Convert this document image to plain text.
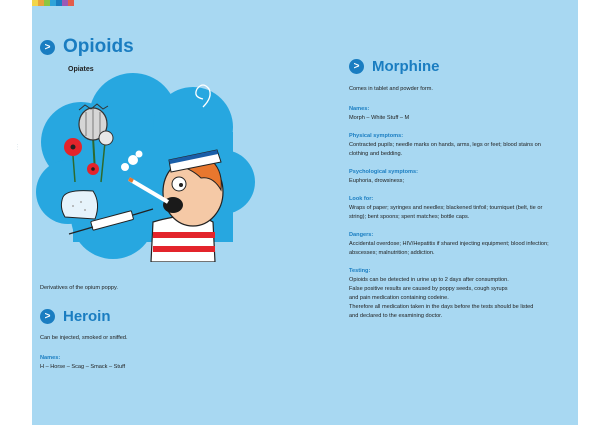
...
> Opioids
Opiates
Derivatives of the opium poppy.
> Heroin
Can be injected, smoked or sniffed.
Names:
H – Horse – Scag – Smack – Stuff
> Morphine
Comes in tablet and powder form.
Names:
Morph – White Stuff – M
Physical symptoms:
Contracted pupils; needle marks on hands, arms, legs or feet; blood stains on
clothing and bedding.
Psychological symptoms:
Euphoria, drowsiness;
Look for:
Wraps of paper; syringes and needles; blackened tinfoil; tourniquet (belt, tie or
string); bent spoons; spent matches; bottle caps.
Dangers:
Accidental overdose; HIV/Hepatitis if shared injecting equipment; blood infection;
abscesses; malnutrition; addiction.
Testing:
Opioids can be detected in urine up to 2 days after consumption.
False positive results are caused by poppy seeds, cough syrups
and pain medication containing codeine.
Therefore all medication taken in the days before the tests should be listed
and declared to the examining doctor.
